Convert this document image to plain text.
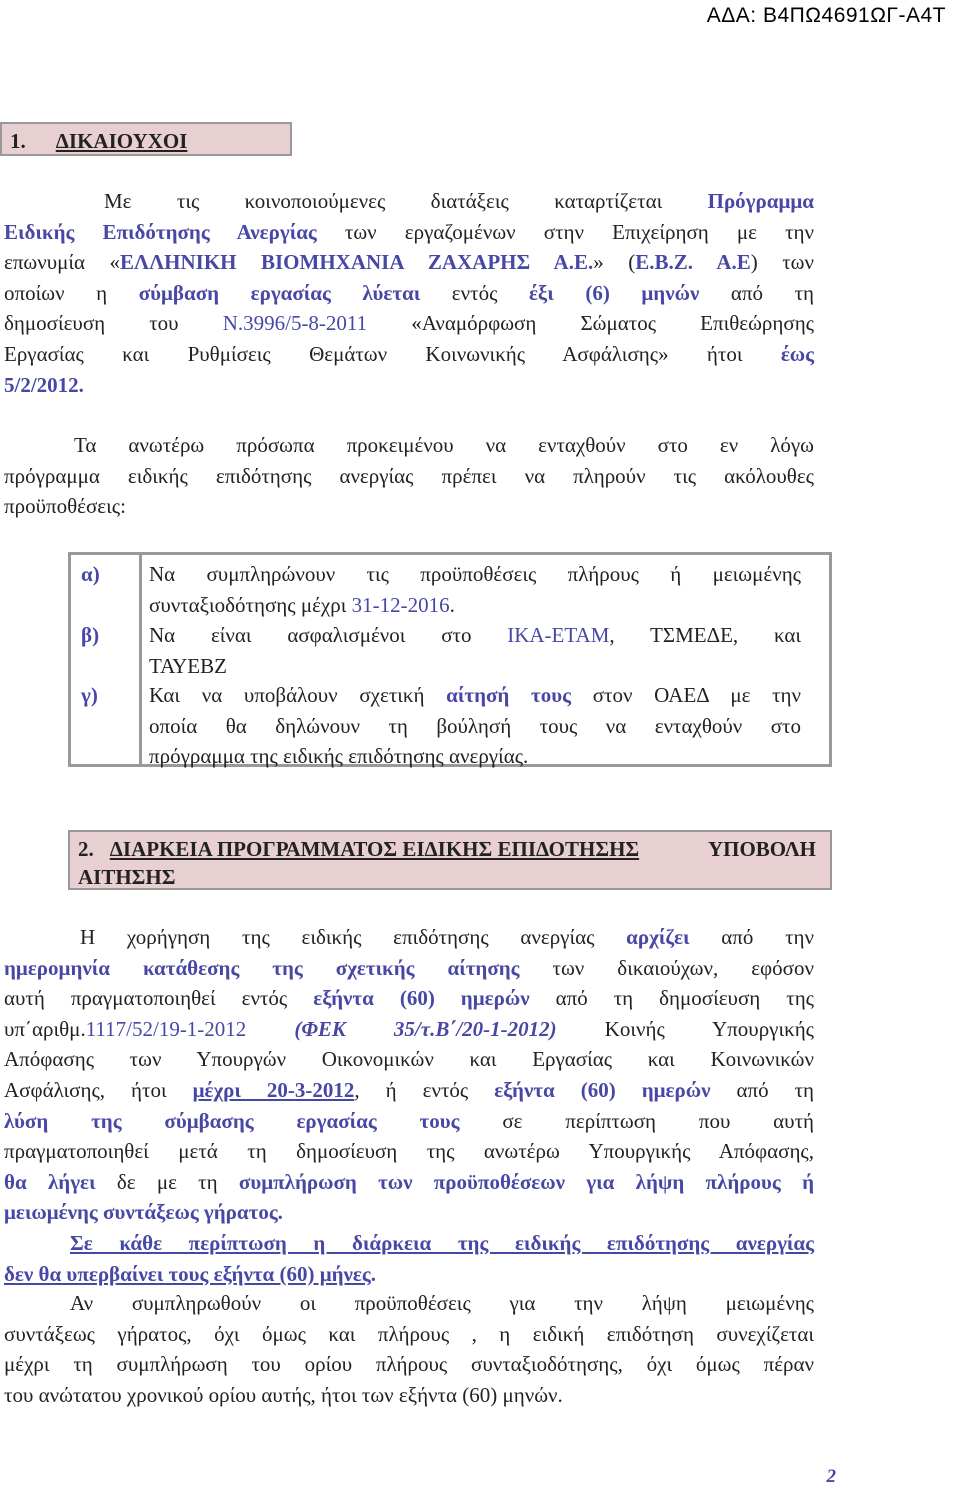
ΑΔΑ: Β4ΠΩ4691ΩΓ-Α4Τ
1. ΔΙΚΑΙΟΥΧΟΙ
Με τις κοινοποιούμενες διατάξεις καταρτίζεται Πρόγραμμα
Ειδικής Επιδότησης Ανεργίας των εργαζομένων στην Επιχείρηση με την
επωνυμία «ΕΛΛΗΝΙΚΗ ΒΙΟΜΗΧΑΝΙΑ ΖΑΧΑΡΗΣ Α.Ε.» (Ε.Β.Ζ. Α.Ε) των
οποίων η σύμβαση εργασίας λύεται εντός έξι (6) μηνών από τη
δημοσίευση του Ν.3996/5-8-2011 «Αναμόρφωση Σώματος Επιθεώρησης
Εργασίας και Ρυθμίσεις Θεμάτων Κοινωνικής Ασφάλισης» ήτοι έως
5/2/2012.
Τα ανωτέρω πρόσωπα προκειμένου να ενταχθούν στο εν λόγω
πρόγραμμα ειδικής επιδότησης ανεργίας πρέπει να πληρούν τις ακόλουθες
προϋποθέσεις:
α)	Να συμπληρώνουν τις προϋποθέσεις πλήρους ή μειωμένης
συνταξιοδότησης μέχρι 31-12-2016.
β)	Να είναι ασφαλισμένοι στο ΙΚΑ-ΕΤΑΜ, ΤΣΜΕΔΕ, και
ΤΑΥΕΒΖ
γ)	Και να υποβάλουν σχετική αίτησή τους στον ΟΑΕΔ με την
οποία θα δηλώνουν τη βούλησή τους να ενταχθούν στο
πρόγραμμα της ειδικής επιδότησης ανεργίας.
2. ΔΙΑΡΚΕΙΑ ΠΡΟΓΡΑΜΜΑΤΟΣ ΕΙΔΙΚΗΣ ΕΠΙΔΟΤΗΣΗΣ	ΥΠΟΒΟΛΗ
ΑΙΤΗΣΗΣ
Η χορήγηση της ειδικής επιδότησης ανεργίας αρχίζει από την
ημερομηνία κατάθεσης της σχετικής αίτησης των δικαιούχων, εφόσον
αυτή πραγματοποιηθεί εντός εξήντα (60) ημερών από τη δημοσίευση της
υπ΄αριθμ.1117/52/19-1-2012 (ΦΕΚ 35/τ.Β΄/20-1-2012) Κοινής Υπουργικής
Απόφασης των Υπουργών Οικονομικών και Εργασίας και Κοινωνικών
Ασφάλισης, ήτοι μέχρι 20-3-2012, ή εντός εξήντα (60) ημερών από τη
λύση της σύμβασης εργασίας τους σε περίπτωση που αυτή
πραγματοποιηθεί μετά τη δημοσίευση της ανωτέρω Υπουργικής Απόφασης,
θα λήγει δε με τη συμπλήρωση των προϋποθέσεων για λήψη πλήρους ή
μειωμένης συντάξεως γήρατος.
Σε κάθε περίπτωση η διάρκεια της ειδικής επιδότησης ανεργίας
δεν θα υπερβαίνει τους εξήντα (60) μήνες.
Αν συμπληρωθούν οι προϋποθέσεις για την λήψη μειωμένης
συντάξεως γήρατος, όχι όμως και πλήρους , η ειδική επιδότηση συνεχίζεται
μέχρι τη συμπλήρωση του ορίου πλήρους συνταξιοδότησης, όχι όμως πέραν
του ανώτατου χρονικού ορίου αυτής, ήτοι των εξήντα (60) μηνών.
2
